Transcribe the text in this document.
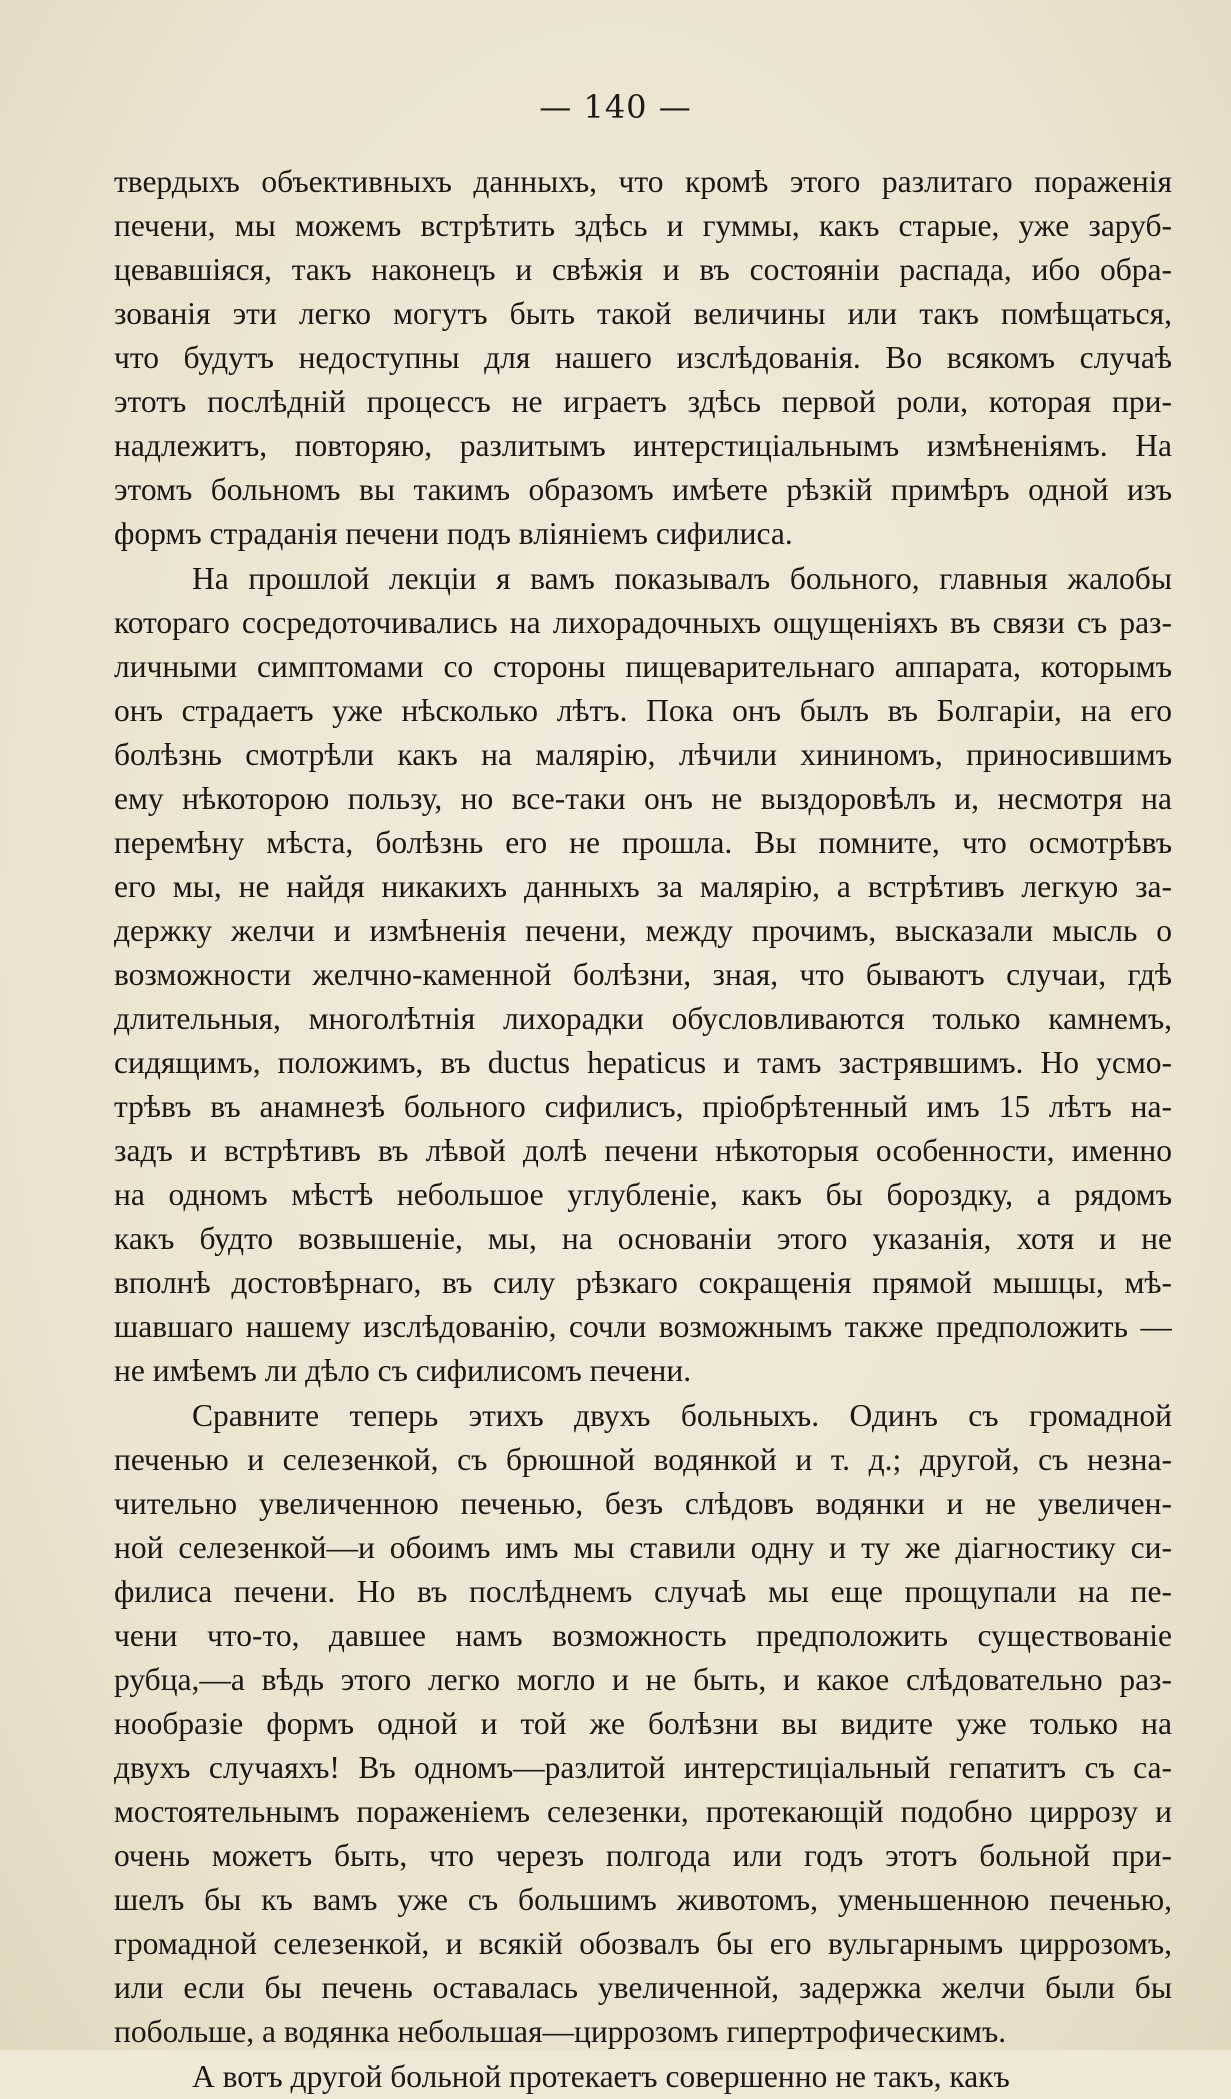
— 140 —
твердыхъ объективныхъ данныхъ, что кромѣ этого разлитаго пораженія
печени, мы можемъ встрѣтить здѣсь и гуммы, какъ старые, уже заруб-
цевавшіяся, такъ наконецъ и свѣжія и въ состояніи распада, ибо обра-
зованія эти легко могутъ быть такой величины или такъ помѣщаться,
что будутъ недоступны для нашего изслѣдованія. Во всякомъ случаѣ
этотъ послѣдній процессъ не играетъ здѣсь первой роли, которая при-
надлежитъ, повторяю, разлитымъ интерстиціальнымъ измѣненіямъ. На
этомъ больномъ вы такимъ образомъ имѣете рѣзкій примѣръ одной изъ
формъ страданія печени подъ вліяніемъ сифилиса.
На прошлой лекціи я вамъ показывалъ больного, главныя жалобы
котораго сосредоточивались на лихорадочныхъ ощущеніяхъ въ связи съ раз-
личными симптомами со стороны пищеварительнаго аппарата, которымъ
онъ страдаетъ уже нѣсколько лѣтъ. Пока онъ былъ въ Болгаріи, на его
болѣзнь смотрѣли какъ на малярію, лѣчили хининомъ, приносившимъ
ему нѣкоторою пользу, но все-таки онъ не выздоровѣлъ и, несмотря на
перемѣну мѣста, болѣзнь его не прошла. Вы помните, что осмотрѣвъ
его мы, не найдя никакихъ данныхъ за малярію, а встрѣтивъ легкую за-
держку желчи и измѣненія печени, между прочимъ, высказали мысль о
возможности желчно-каменной болѣзни, зная, что бываютъ случаи, гдѣ
длительныя, многолѣтнія лихорадки обусловливаются только камнемъ,
сидящимъ, положимъ, въ ductus hepaticus и тамъ застрявшимъ. Но усмо-
трѣвъ въ анамнезѣ больного сифилисъ, пріобрѣтенный имъ 15 лѣтъ на-
задъ и встрѣтивъ въ лѣвой долѣ печени нѣкоторыя особенности, именно
на одномъ мѣстѣ небольшое углубленіе, какъ бы бороздку, а рядомъ
какъ будто возвышеніе, мы, на основаніи этого указанія, хотя и не
вполнѣ достовѣрнаго, въ силу рѣзкаго сокращенія прямой мышцы, мѣ-
шавшаго нашему изслѣдованію, сочли возможнымъ также предположить —
не имѣемъ ли дѣло съ сифилисомъ печени.
Сравните теперь этихъ двухъ больныхъ. Одинъ съ громадной
печенью и селезенкой, съ брюшной водянкой и т. д.; другой, съ незна-
чительно увеличенною печенью, безъ слѣдовъ водянки и не увеличен-
ной селезенкой—и обоимъ имъ мы ставили одну и ту же діагностику си-
филиса печени. Но въ послѣднемъ случаѣ мы еще прощупали на пе-
чени что-то, давшее намъ возможность предположить существованіе
рубца,—а вѣдь этого легко могло и не быть, и какое слѣдовательно раз-
нообразіе формъ одной и той же болѣзни вы видите уже только на
двухъ случаяхъ! Въ одномъ—разлитой интерстиціальный гепатитъ съ са-
мостоятельнымъ пораженіемъ селезенки, протекающій подобно циррозу и
очень можетъ быть, что черезъ полгода или годъ этотъ больной при-
шелъ бы къ вамъ уже съ большимъ животомъ, уменьшенною печенью,
громадной селезенкой, и всякій обозвалъ бы его вульгарнымъ циррозомъ,
или если бы печень оставалась увеличенной, задержка желчи были бы
побольше, а водянка небольшая—циррозомъ гипертрофическимъ.
А вотъ другой больной протекаетъ совершенно не такъ, какъ
